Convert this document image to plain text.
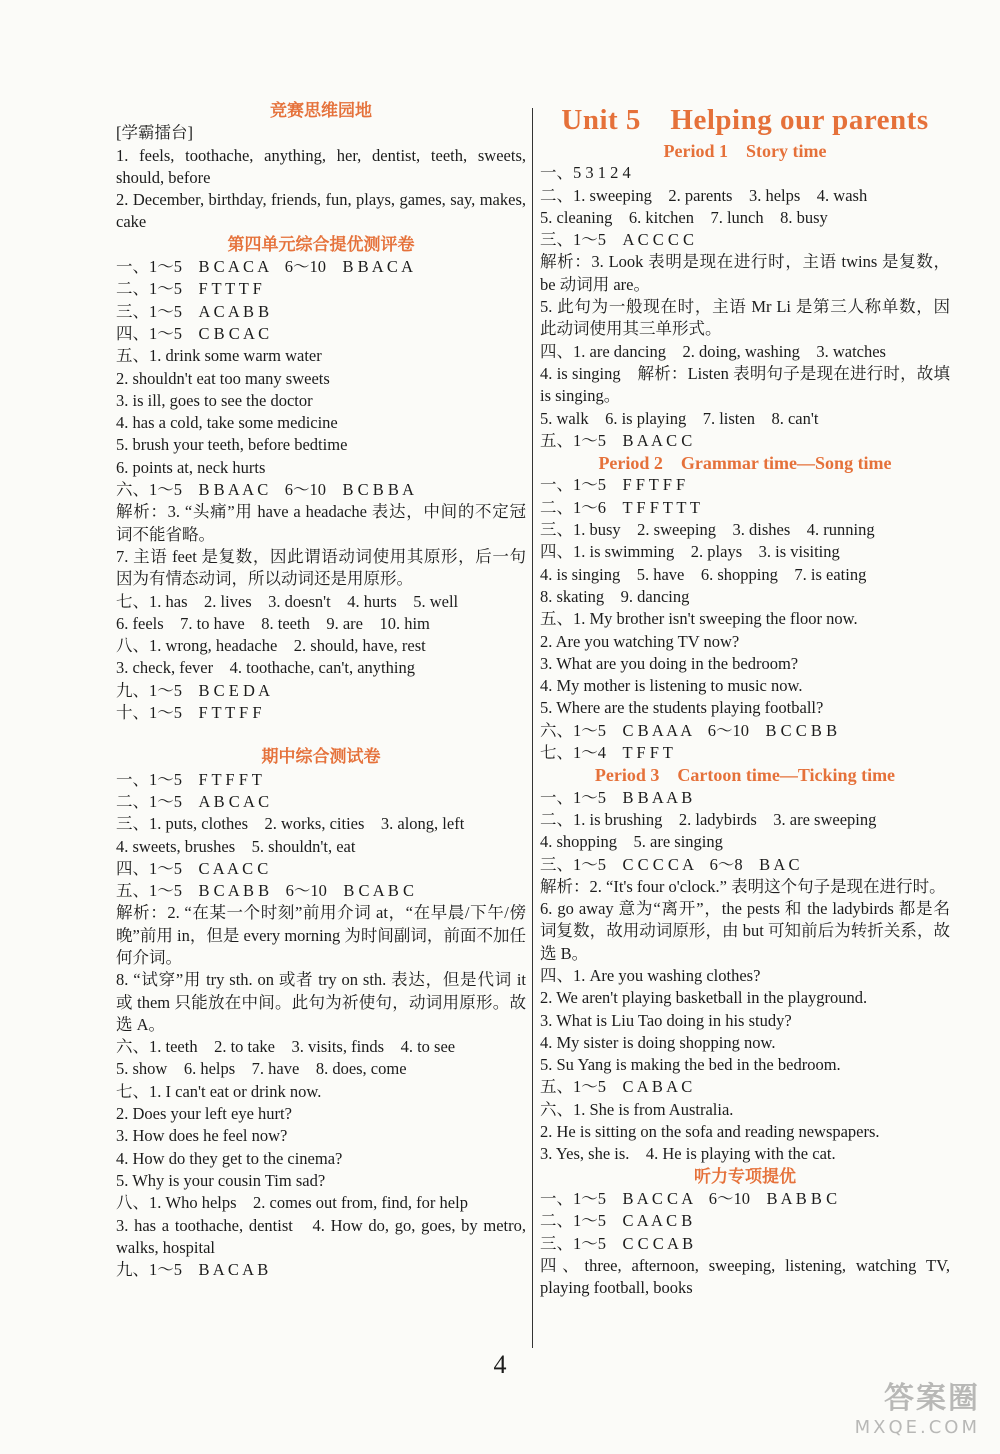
竞赛思维园地
[学霸擂台]
1. feels, toothache, anything, her, dentist, teeth, sweets, should, before
2. December, birthday, friends, fun, plays, games, say, makes, cake
第四单元综合提优测评卷
一、1～5　B C A C A　6～10　B B A C A
二、1～5　F T T T F
三、1～5　A C A B B
四、1～5　C B C A C
五、1. drink some warm water
2. shouldn't eat too many sweets
3. is ill, goes to see the doctor
4. has a cold, take some medicine
5. brush your teeth, before bedtime
6. points at, neck hurts
六、1～5　B B A A C　6～10　B C B B A
解析：3. “头痛”用 have a headache 表达，中间的不定冠词不能省略。
7. 主语 feet 是复数，因此谓语动词使用其原形，后一句因为有情态动词，所以动词还是用原形。
七、1. has　2. lives　3. doesn't　4. hurts　5. well
6. feels　7. to have　8. teeth　9. are　10. him
八、1. wrong, headache　2. should, have, rest
3. check, fever　4. toothache, can't, anything
九、1～5　B C E D A
十、1～5　F T T F F
期中综合测试卷
一、1～5　F T F F T
二、1～5　A B C A C
三、1. puts, clothes　2. works, cities　3. along, left
4. sweets, brushes　5. shouldn't, eat
四、1～5　C A A C C
五、1～5　B C A B B　6～10　B C A B C
解析：2. “在某一个时刻”前用介词 at，“在早晨/下午/傍晚”前用 in，但是 every morning 为时间副词，前面不加任何介词。
8. “试穿”用 try sth. on 或者 try on sth. 表达，但是代词 it 或 them 只能放在中间。此句为祈使句，动词用原形。故选 A。
六、1. teeth　2. to take　3. visits, finds　4. to see
5. show　6. helps　7. have　8. does, come
七、1. I can't eat or drink now.
2. Does your left eye hurt?
3. How does he feel now?
4. How do they get to the cinema?
5. Why is your cousin Tim sad?
八、1. Who helps　2. comes out from, find, for help
3. has a toothache, dentist　4. How do, go, goes, by metro, walks, hospital
九、1～5　B A C A B
Unit 5　Helping our parents
Period 1　Story time
一、5 3 1 2 4
二、1. sweeping　2. parents　3. helps　4. wash
5. cleaning　6. kitchen　7. lunch　8. busy
三、1～5　A C C C C
解析：3. Look 表明是现在进行时，主语 twins 是复数，be 动词用 are。
5. 此句为一般现在时，主语 Mr Li 是第三人称单数，因此动词使用其三单形式。
四、1. are dancing　2. doing, washing　3. watches
4. is singing　解析：Listen 表明句子是现在进行时，故填 is singing。
5. walk　6. is playing　7. listen　8. can't
五、1～5　B A A C C
Period 2　Grammar time—Song time
一、1～5　F F T F F
二、1～6　T F F T T T
三、1. busy　2. sweeping　3. dishes　4. running
四、1. is swimming　2. plays　3. is visiting
4. is singing　5. have　6. shopping　7. is eating
8. skating　9. dancing
五、1. My brother isn't sweeping the floor now.
2. Are you watching TV now?
3. What are you doing in the bedroom?
4. My mother is listening to music now.
5. Where are the students playing football?
六、1～5　C B A A A　6～10　B C C B B
七、1～4　T F F T
Period 3　Cartoon time—Ticking time
一、1～5　B B A A B
二、1. is brushing　2. ladybirds　3. are sweeping
4. shopping　5. are singing
三、1～5　C C C C A　6～8　B A C
解析：2. “It's four o'clock.” 表明这个句子是现在进行时。
6. go away 意为“离开”，the pests 和 the ladybirds 都是名词复数，故用动词原形，由 but 可知前后为转折关系，故选 B。
四、1. Are you washing clothes?
2. We aren't playing basketball in the playground.
3. What is Liu Tao doing in his study?
4. My sister is doing shopping now.
5. Su Yang is making the bed in the bedroom.
五、1～5　C A B A C
六、1. She is from Australia.
2. He is sitting on the sofa and reading newspapers.
3. Yes, she is.　4. He is playing with the cat.
听力专项提优
一、1～5　B A C C A　6～10　B A B B C
二、1～5　C A A C B
三、1～5　C C C A B
四、three, afternoon, sweeping, listening, watching TV, playing football, books
4
答案圈
MXQE.COM
